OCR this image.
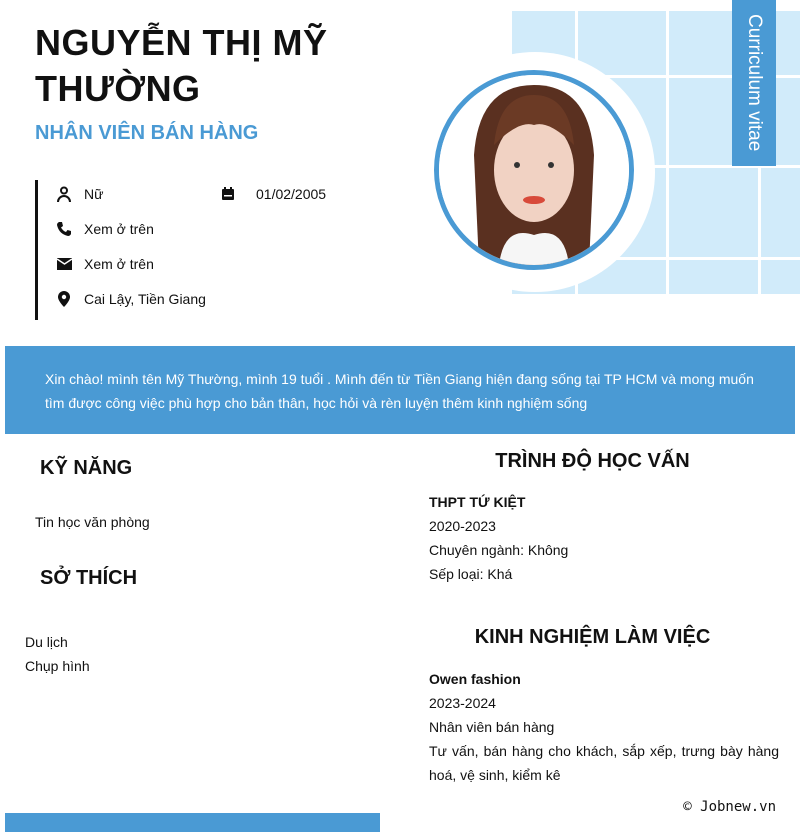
NGUYỄN THỊ MỸ THƯỜNG
NHÂN VIÊN BÁN HÀNG
Nữ	01/02/2005
Xem ở trên
Xem ở trên
Cai Lậy, Tiền Giang
Curriculum vitae
Xin chào! mình tên Mỹ Thường, mình 19 tuổi . Mình đến từ Tiền Giang hiện đang sống tại TP HCM và mong muốn tìm được công việc phù hợp cho bản thân, học hỏi và rèn luyện thêm kinh nghiệm sống
KỸ NĂNG
Tin học văn phòng
SỞ THÍCH
Du lịch
Chụp hình
TRÌNH ĐỘ HỌC VẤN
THPT TỨ KIỆT
2020-2023
Chuyên ngành: Không
Sếp loại: Khá
KINH NGHIỆM LÀM VIỆC
Owen fashion
2023-2024
Nhân viên bán hàng
Tư vấn, bán hàng cho khách, sắp xếp, trưng bày hàng hoá, vệ sinh, kiểm kê
© Jobnew.vn
